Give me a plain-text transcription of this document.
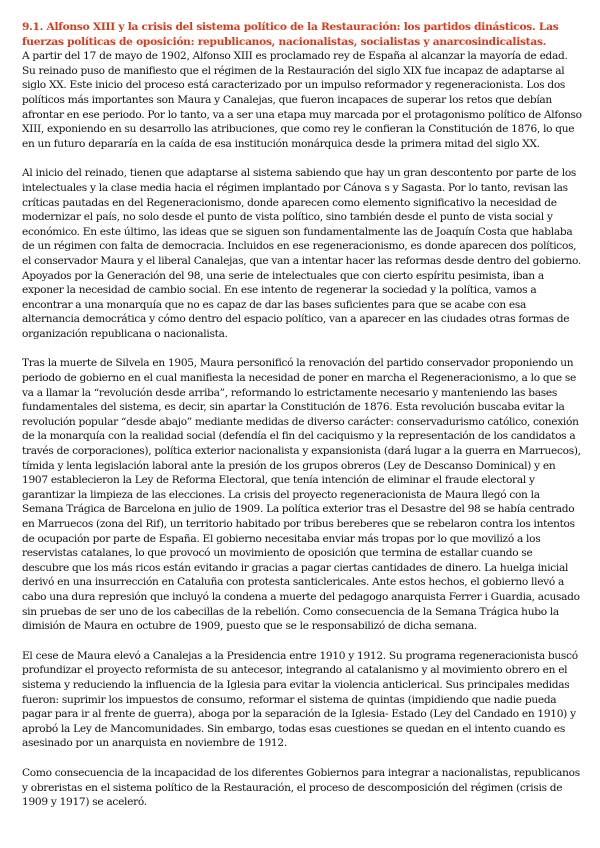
9.1. Alfonso XIII y la crisis del sistema político de la Restauración: los partidos dinásticos. Las fuerzas políticas de oposición: republicanos, nacionalistas, socialistas y anarcosindicalistas.

A partir del 17 de mayo de 1902, Alfonso XIII es proclamado rey de España al alcanzar la mayoría de edad. Su reinado puso de manifiesto que el régimen de la Restauración del siglo XIX fue incapaz de adaptarse al siglo XX. Este inicio del proceso está caracterizado por un impulso reformador y regeneracionista. Los dos políticos más importantes son Maura y Canalejas, que fueron incapaces de superar los retos que debían afrontar en ese periodo. Por lo tanto, va a ser una etapa muy marcada por el protagonismo político de Alfonso XIII, exponiendo en su desarrollo las atribuciones, que como rey le confieran la Constitución de 1876, lo que en un futuro depararía en la caída de esa institución monárquica desde la primera mitad del siglo XX.

Al inicio del reinado, tienen que adaptarse al sistema sabiendo que hay un gran descontento por parte de los intelectuales y la clase media hacia el régimen implantado por Cánova s y Sagasta. Por lo tanto, revisan las críticas pautadas en del Regeneracionismo, donde aparecen como elemento significativo la necesidad de modernizar el país, no solo desde el punto de vista político, sino también desde el punto de vista social y económico. En este último, las ideas que se siguen son fundamentalmente las de Joaquín Costa que hablaba de un régimen con falta de democracia. Incluidos en ese regeneracionismo, es donde aparecen dos políticos, el conservador Maura y el liberal Canalejas, que van a intentar hacer las reformas desde dentro del gobierno. Apoyados por la Generación del 98, una serie de intelectuales que con cierto espíritu pesimista, iban a exponer la necesidad de cambio social. En ese intento de regenerar la sociedad y la política, vamos a encontrar a una monarquía que no es capaz de dar las bases suficientes para que se acabe con esa alternancia democrática y cómo dentro del espacio político, van a aparecer en las ciudades otras formas de organización republicana o nacionalista.

Tras la muerte de Silvela en 1905, Maura personificó la renovación del partido conservador proponiendo un periodo de gobierno en el cual manifiesta la necesidad de poner en marcha el Regeneracionismo, a lo que se va a llamar la “revolución desde arriba”, reformando lo estrictamente necesario y manteniendo las bases fundamentales del sistema, es decir, sin apartar la Constitución de 1876. Esta revolución buscaba evitar la revolución popular “desde abajo” mediante medidas de diverso carácter: conservadurismo católico, conexión de la monarquía con la realidad social (defendía el fin del caciquismo y la representación de los candidatos a través de corporaciones), política exterior nacionalista y expansionista (dará lugar a la guerra en Marruecos), tímida y lenta legislación laboral ante la presión de los grupos obreros (Ley de Descanso Dominical) y en 1907 establecieron la Ley de Reforma Electoral, que tenía intención de eliminar el fraude electoral y garantizar la limpieza de las elecciones. La crisis del proyecto regeneracionista de Maura llegó con la Semana Trágica de Barcelona en julio de 1909. La política exterior tras el Desastre del 98 se había centrado en Marruecos (zona del Rif), un territorio habitado por tribus bereberes que se rebelaron contra los intentos de ocupación por parte de España. El gobierno necesitaba enviar más tropas por lo que movilizó a los reservistas catalanes, lo que provocó un movimiento de oposición que termina de estallar cuando se descubre que los más ricos están evitando ir gracias a pagar ciertas cantidades de dinero. La huelga inicial derivó en una insurrección en Cataluña con protesta santiclericales. Ante estos hechos, el gobierno llevó a cabo una dura represión que incluyó la condena a muerte del pedagogo anarquista Ferrer i Guardia, acusado sin pruebas de ser uno de los cabecillas de la rebelión. Como consecuencia de la Semana Trágica hubo la dimisión de Maura en octubre de 1909, puesto que se le responsabilizó de dicha semana.

El cese de Maura elevó a Canalejas a la Presidencia entre 1910 y 1912. Su programa regeneracionista buscó profundizar el proyecto reformista de su antecesor, integrando al catalanismo y al movimiento obrero en el sistema y reduciendo la influencia de la Iglesia para evitar la violencia anticlerical. Sus principales medidas fueron: suprimir los impuestos de consumo, reformar el sistema de quintas (impidiendo que nadie pueda pagar para ir al frente de guerra), aboga por la separación de la Iglesia- Estado (Ley del Candado en 1910) y aprobó la Ley de Mancomunidades. Sin embargo, todas esas cuestiones se quedan en el intento cuando es asesinado por un anarquista en noviembre de 1912.

Como consecuencia de la incapacidad de los diferentes Gobiernos para integrar a nacionalistas, republicanos y obreristas en el sistema político de la Restauración, el proceso de descomposición del régimen (crisis de 1909 y 1917) se aceleró.
